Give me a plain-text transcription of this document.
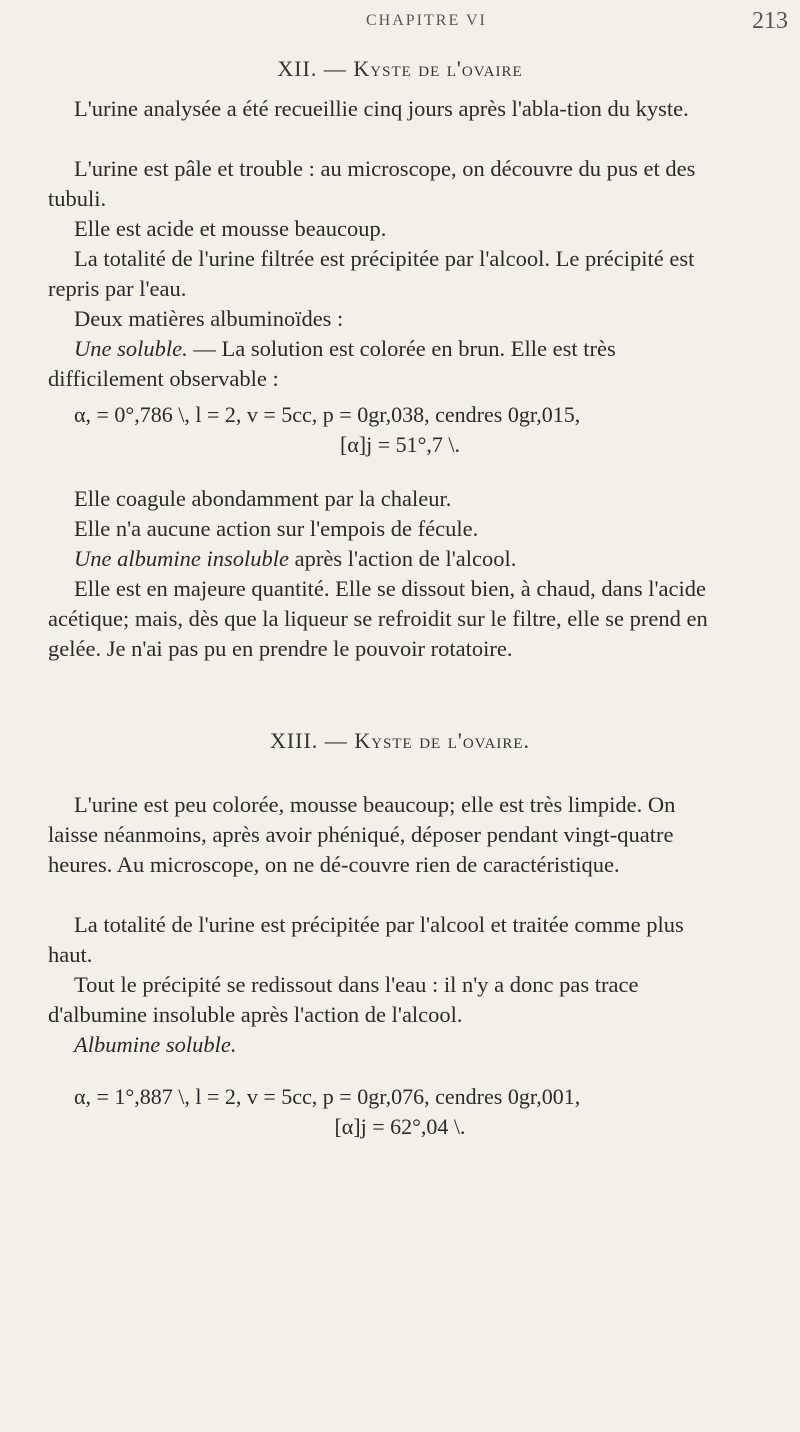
CHAPITRE VI	213
XII. — Kyste de l'ovaire

L'urine analysée a été recueillie cinq jours après l'abla-tion du kyste.

L'urine est pâle et trouble : au microscope, on découvre du pus et des tubuli.

Elle est acide et mousse beaucoup.

La totalité de l'urine filtrée est précipitée par l'alcool. Le précipité est repris par l'eau.

Deux matières albuminoïdes :

Une soluble. — La solution est colorée en brun. Elle est très difficilement observable :

α, = 0°,786 \, l = 2, v = 5cc, p = 0gr,038, cendres 0gr,015,

[α]j = 51°,7 \.

Elle coagule abondamment par la chaleur.

Elle n'a aucune action sur l'empois de fécule.

Une albumine insoluble après l'action de l'alcool.

Elle est en majeure quantité. Elle se dissout bien, à chaud, dans l'acide acétique; mais, dès que la liqueur se refroidit sur le filtre, elle se prend en gelée. Je n'ai pas pu en prendre le pouvoir rotatoire.

XIII. — Kyste de l'ovaire.

L'urine est peu colorée, mousse beaucoup; elle est très limpide. On laisse néanmoins, après avoir phéniqué, déposer pendant vingt-quatre heures. Au microscope, on ne dé-couvre rien de caractéristique.

La totalité de l'urine est précipitée par l'alcool et traitée comme plus haut.

Tout le précipité se redissout dans l'eau : il n'y a donc pas trace d'albumine insoluble après l'action de l'alcool.

Albumine soluble.

α, = 1°,887 \, l = 2, v = 5cc, p = 0gr,076, cendres 0gr,001,

[α]j = 62°,04 \.
